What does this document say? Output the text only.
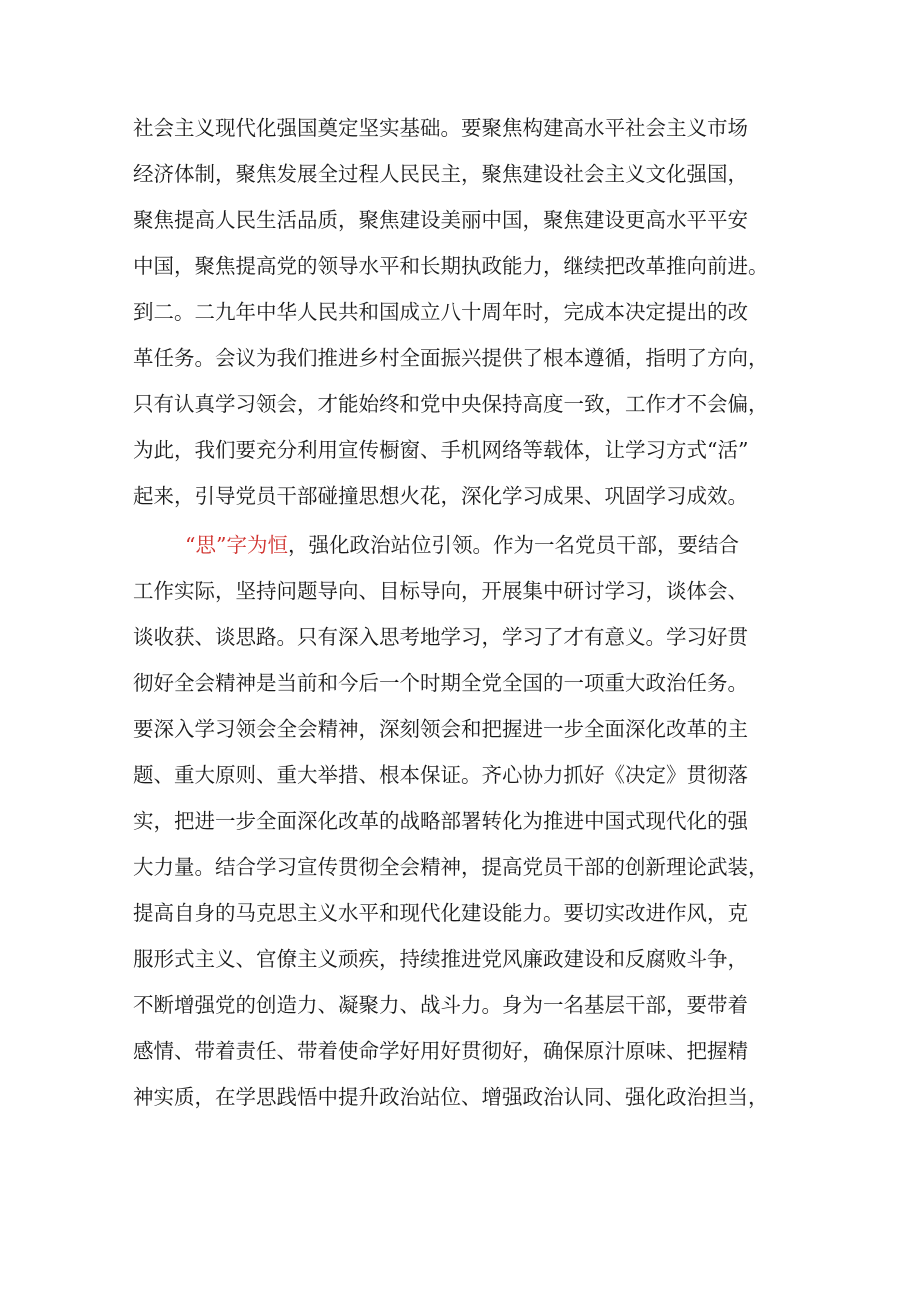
社会主义现代化强国奠定坚实基础。要聚焦构建高水平社会主义市场
经济体制，聚焦发展全过程人民民主，聚焦建设社会主义文化强国，
聚焦提高人民生活品质，聚焦建设美丽中国，聚焦建设更高水平平安
中国，聚焦提高党的领导水平和长期执政能力，继续把改革推向前进。
到二。二九年中华人民共和国成立八十周年时，完成本决定提出的改
革任务。会议为我们推进乡村全面振兴提供了根本遵循，指明了方向，
只有认真学习领会，才能始终和党中央保持高度一致，工作才不会偏，
为此，我们要充分利用宣传橱窗、手机网络等载体，让学习方式“活”
起来，引导党员干部碰撞思想火花，深化学习成果、巩固学习成效。
“思”字为恒，强化政治站位引领。作为一名党员干部，要结合
工作实际，坚持问题导向、目标导向，开展集中研讨学习，谈体会、
谈收获、谈思路。只有深入思考地学习，学习了才有意义。学习好贯
彻好全会精神是当前和今后一个时期全党全国的一项重大政治任务。
要深入学习领会全会精神，深刻领会和把握进一步全面深化改革的主
题、重大原则、重大举措、根本保证。齐心协力抓好《决定》贯彻落
实，把进一步全面深化改革的战略部署转化为推进中国式现代化的强
大力量。结合学习宣传贯彻全会精神，提高党员干部的创新理论武装，
提高自身的马克思主义水平和现代化建设能力。要切实改进作风，克
服形式主义、官僚主义顽疾，持续推进党风廉政建设和反腐败斗争，
不断增强党的创造力、凝聚力、战斗力。身为一名基层干部，要带着
感情、带着责任、带着使命学好用好贯彻好，确保原汁原味、把握精
神实质，在学思践悟中提升政治站位、增强政治认同、强化政治担当，
